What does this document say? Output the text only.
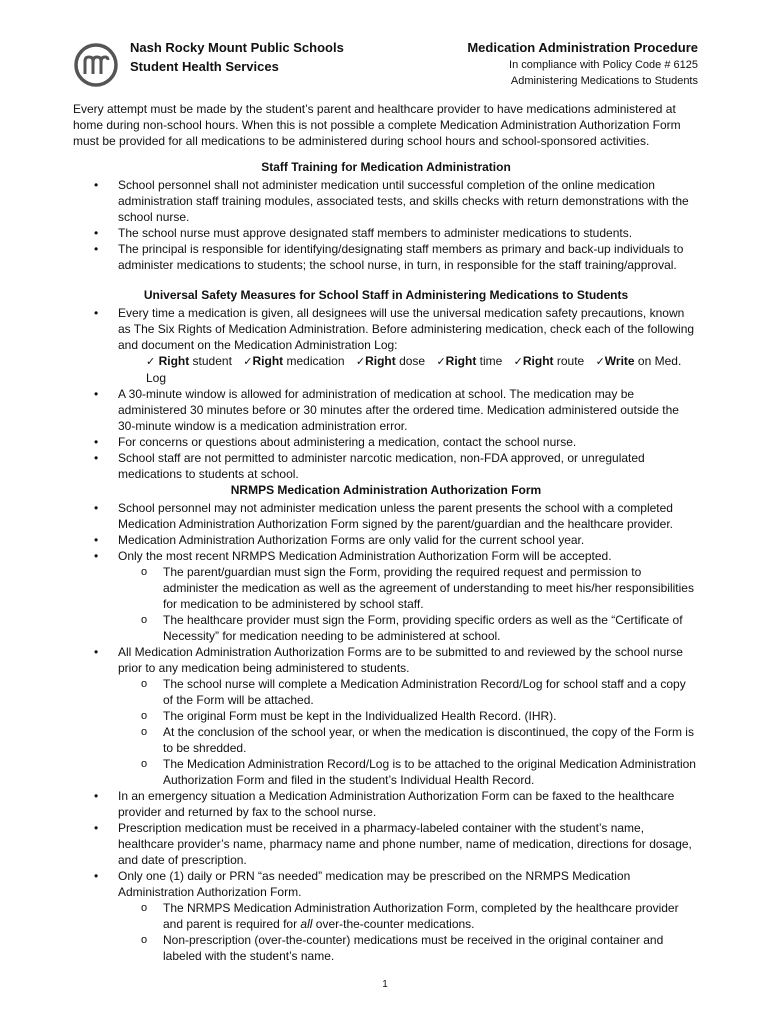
Nash Rocky Mount Public Schools
Student Health Services
Medication Administration Procedure
In compliance with Policy Code # 6125
Administering Medications to Students

Every attempt must be made by the student’s parent and healthcare provider to have medications administered at home during non-school hours. When this is not possible a complete Medication Administration Authorization Form must be provided for all medications to be administered during school hours and school-sponsored activities.

Staff Training for Medication Administration
• School personnel shall not administer medication until successful completion of the online medication administration staff training modules, associated tests, and skills checks with return demonstrations with the school nurse.
• The school nurse must approve designated staff members to administer medications to students.
• The principal is responsible for identifying/designating staff members as primary and back-up individuals to administer medications to students; the school nurse, in turn, in responsible for the staff training/approval.
Universal Safety Measures for School Staff in Administering Medications to Students
• Every time a medication is given, all designees will use the universal medication safety precautions, known as The Six Rights of Medication Administration. Before administering medication, check each of the following and document on the Medication Administration Log:
✓ Right student ✓Right medication ✓Right dose ✓Right time ✓Right route ✓Write on Med. Log
• A 30-minute window is allowed for administration of medication at school. The medication may be administered 30 minutes before or 30 minutes after the ordered time. Medication administered outside the 30-minute window is a medication administration error.
• For concerns or questions about administering a medication, contact the school nurse.
• School staff are not permitted to administer narcotic medication, non-FDA approved, or unregulated medications to students at school.
NRMPS Medication Administration Authorization Form
• School personnel may not administer medication unless the parent presents the school with a completed Medication Administration Authorization Form signed by the parent/guardian and the healthcare provider.
• Medication Administration Authorization Forms are only valid for the current school year.
• Only the most recent NRMPS Medication Administration Authorization Form will be accepted.
o The parent/guardian must sign the Form, providing the required request and permission to administer the medication as well as the agreement of understanding to meet his/her responsibilities for medication to be administered by school staff.
o The healthcare provider must sign the Form, providing specific orders as well as the “Certificate of Necessity” for medication needing to be administered at school.
• All Medication Administration Authorization Forms are to be submitted to and reviewed by the school nurse prior to any medication being administered to students.
o The school nurse will complete a Medication Administration Record/Log for school staff and a copy of the Form will be attached.
o The original Form must be kept in the Individualized Health Record. (IHR).
o At the conclusion of the school year, or when the medication is discontinued, the copy of the Form is to be shredded.
o The Medication Administration Record/Log is to be attached to the original Medication Administration Authorization Form and filed in the student’s Individual Health Record.
• In an emergency situation a Medication Administration Authorization Form can be faxed to the healthcare provider and returned by fax to the school nurse.
• Prescription medication must be received in a pharmacy-labeled container with the student’s name, healthcare provider’s name, pharmacy name and phone number, name of medication, directions for dosage, and date of prescription.
• Only one (1) daily or PRN “as needed” medication may be prescribed on the NRMPS Medication Administration Authorization Form.
o The NRMPS Medication Administration Authorization Form, completed by the healthcare provider and parent is required for all over-the-counter medications.
o Non-prescription (over-the-counter) medications must be received in the original container and labeled with the student’s name.
1
